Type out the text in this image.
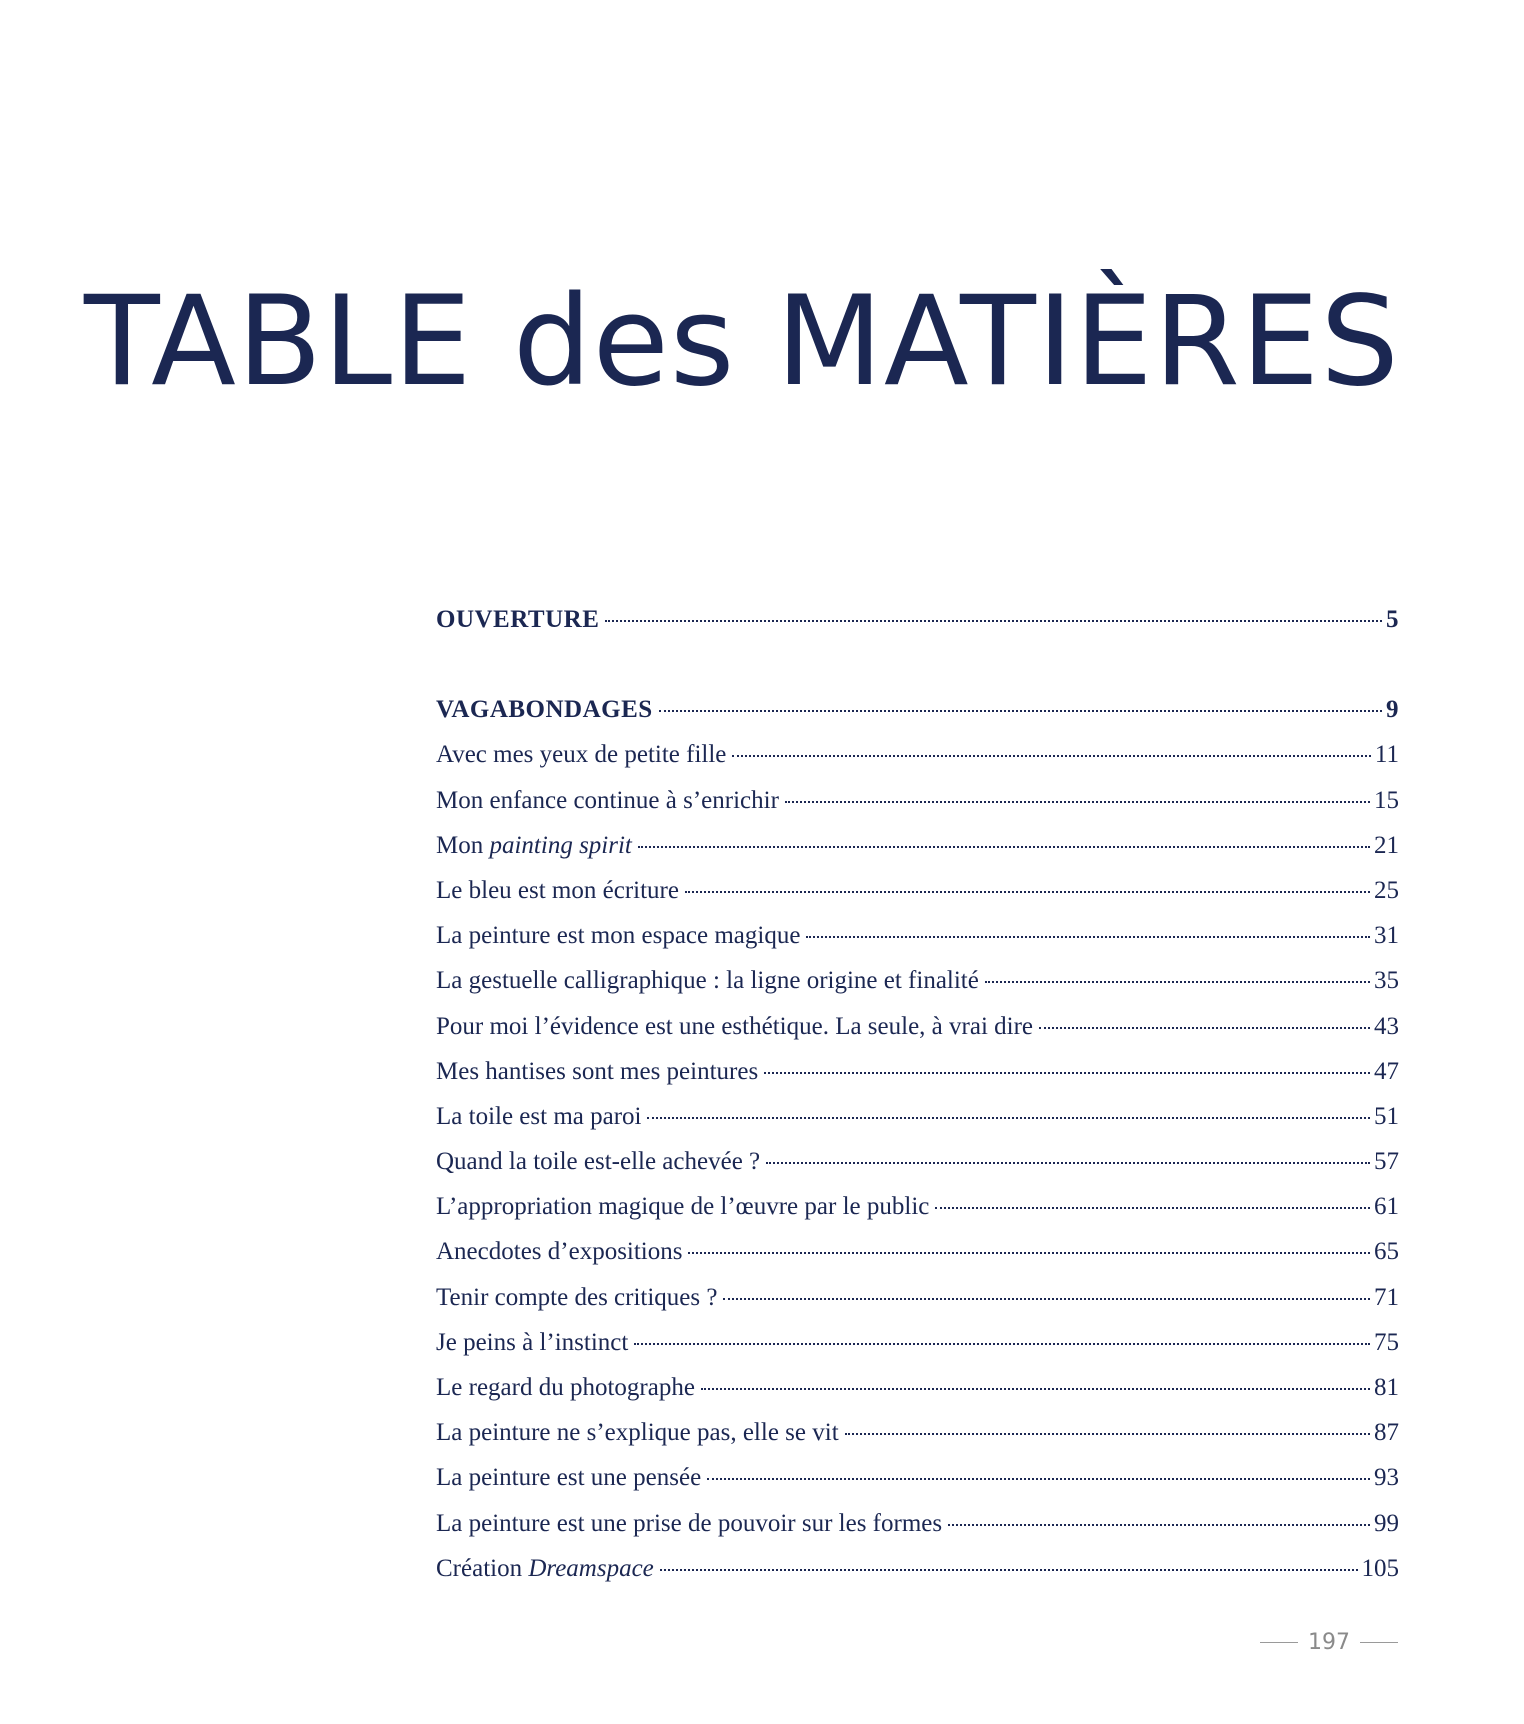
TABLE des MATIÈRES
OUVERTURE	5
VAGABONDAGES	9
Avec mes yeux de petite fille	11
Mon enfance continue à s’enrichir	15
Mon painting spirit	21
Le bleu est mon écriture	25
La peinture est mon espace magique	31
La gestuelle calligraphique : la ligne origine et finalité	35
Pour moi l’évidence est une esthétique. La seule, à vrai dire	43
Mes hantises sont mes peintures	47
La toile est ma paroi	51
Quand la toile est-elle achevée ?	57
L’appropriation magique de l’œuvre par le public	61
Anecdotes d’expositions	65
Tenir compte des critiques ?	71
Je peins à l’instinct	75
Le regard du photographe	81
La peinture ne s’explique pas, elle se vit	87
La peinture est une pensée	93
La peinture est une prise de pouvoir sur les formes	99
Création Dreamspace	105
197
